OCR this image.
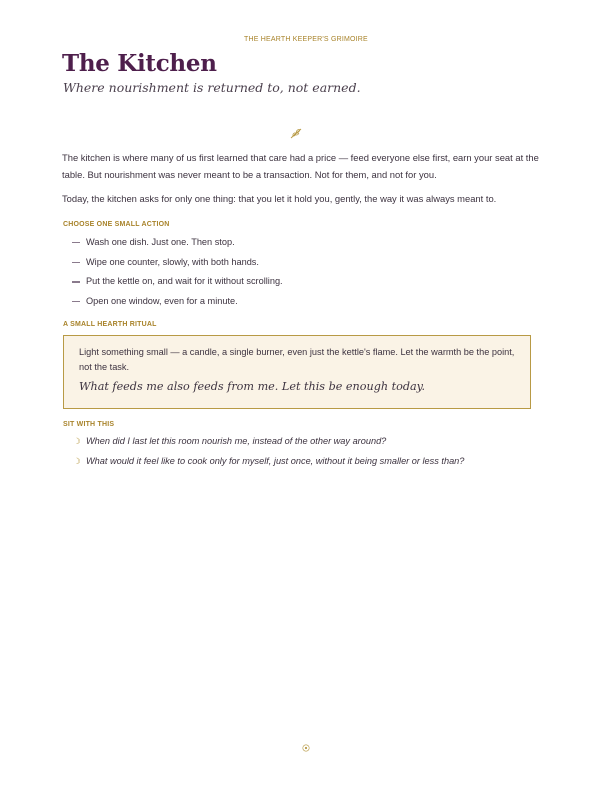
THE HEARTH KEEPER'S GRIMOIRE
The Kitchen

Where nourishment is returned to, not earned.

The kitchen is where many of us first learned that care had a price — feed everyone else first, earn your seat at the table. But nourishment was never meant to be a transaction. Not for them, and not for you.

Today, the kitchen asks for only one thing: that you let it hold you, gently, the way it was always meant to.

CHOOSE ONE SMALL ACTION
Wash one dish. Just one. Then stop.
Wipe one counter, slowly, with both hands.
Put the kettle on, and wait for it without scrolling.
Open one window, even for a minute.
A SMALL HEARTH RITUAL

Light something small — a candle, a single burner, even just the kettle's flame. Let the warmth be the point, not the task.

What feeds me also feeds from me. Let this be enough today.

SIT WITH THIS
☽ When did I last let this room nourish me, instead of the other way around?
☽ What would it feel like to cook only for myself, just once, without it being smaller or less than?
